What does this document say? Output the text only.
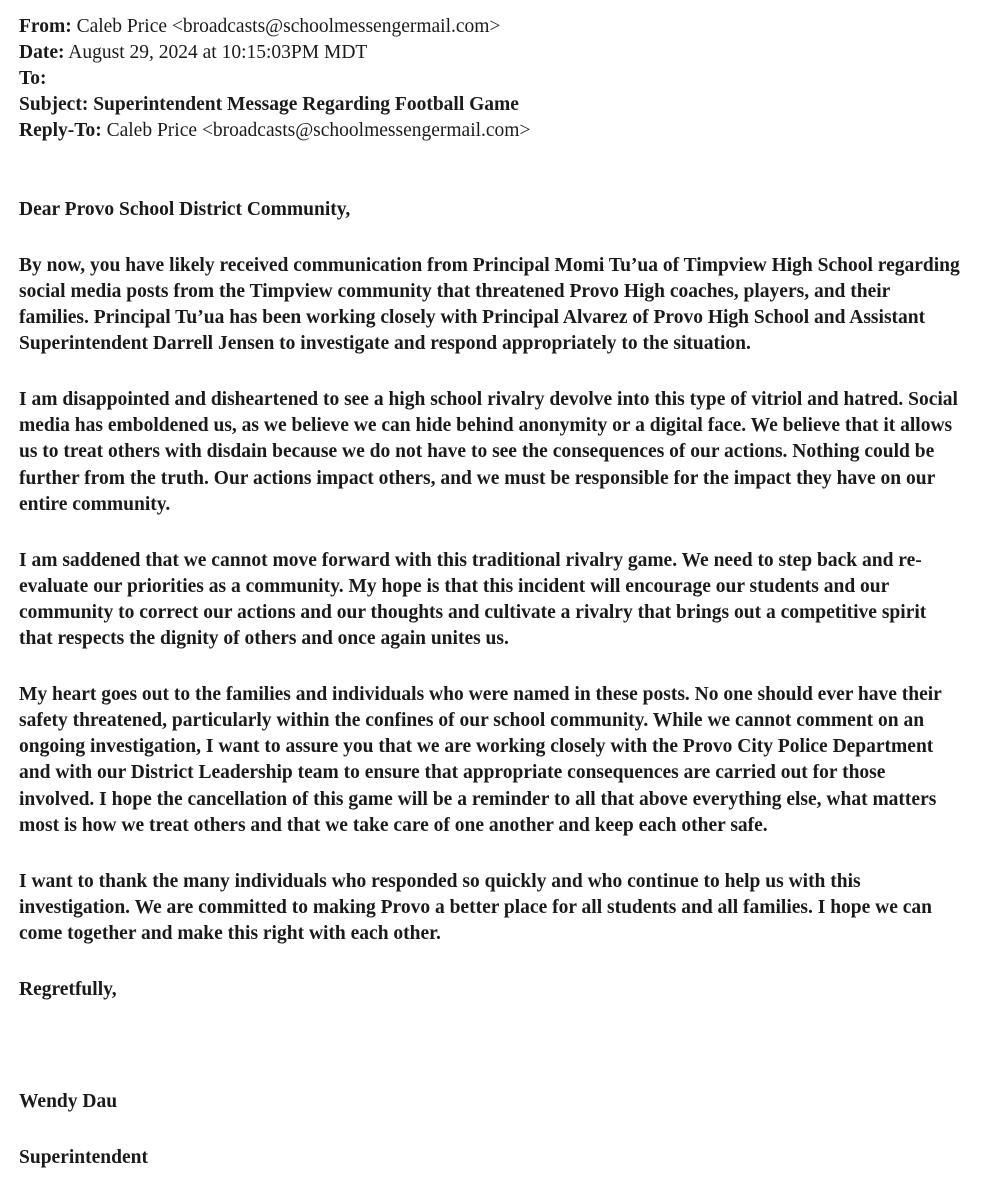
From: Caleb Price <broadcasts@schoolmessengermail.com>
Date: August 29, 2024 at 10:15:03PM MDT
To:
Subject: Superintendent Message Regarding Football Game
Reply-To: Caleb Price <broadcasts@schoolmessengermail.com>

Dear Provo School District Community,

By now, you have likely received communication from Principal Momi Tu’ua of Timpview High School regarding social media posts from the Timpview community that threatened Provo High coaches, players, and their families. Principal Tu’ua has been working closely with Principal Alvarez of Provo High School and Assistant Superintendent Darrell Jensen to investigate and respond appropriately to the situation.

I am disappointed and disheartened to see a high school rivalry devolve into this type of vitriol and hatred. Social media has emboldened us, as we believe we can hide behind anonymity or a digital face. We believe that it allows us to treat others with disdain because we do not have to see the consequences of our actions. Nothing could be further from the truth. Our actions impact others, and we must be responsible for the impact they have on our entire community.

I am saddened that we cannot move forward with this traditional rivalry game. We need to step back and re-evaluate our priorities as a community. My hope is that this incident will encourage our students and our community to correct our actions and our thoughts and cultivate a rivalry that brings out a competitive spirit that respects the dignity of others and once again unites us.

My heart goes out to the families and individuals who were named in these posts. No one should ever have their safety threatened, particularly within the confines of our school community. While we cannot comment on an ongoing investigation, I want to assure you that we are working closely with the Provo City Police Department and with our District Leadership team to ensure that appropriate consequences are carried out for those involved. I hope the cancellation of this game will be a reminder to all that above everything else, what matters most is how we treat others and that we take care of one another and keep each other safe.

I want to thank the many individuals who responded so quickly and who continue to help us with this investigation. We are committed to making Provo a better place for all students and all families. I hope we can come together and make this right with each other.

Regretfully,

Wendy Dau

Superintendent
